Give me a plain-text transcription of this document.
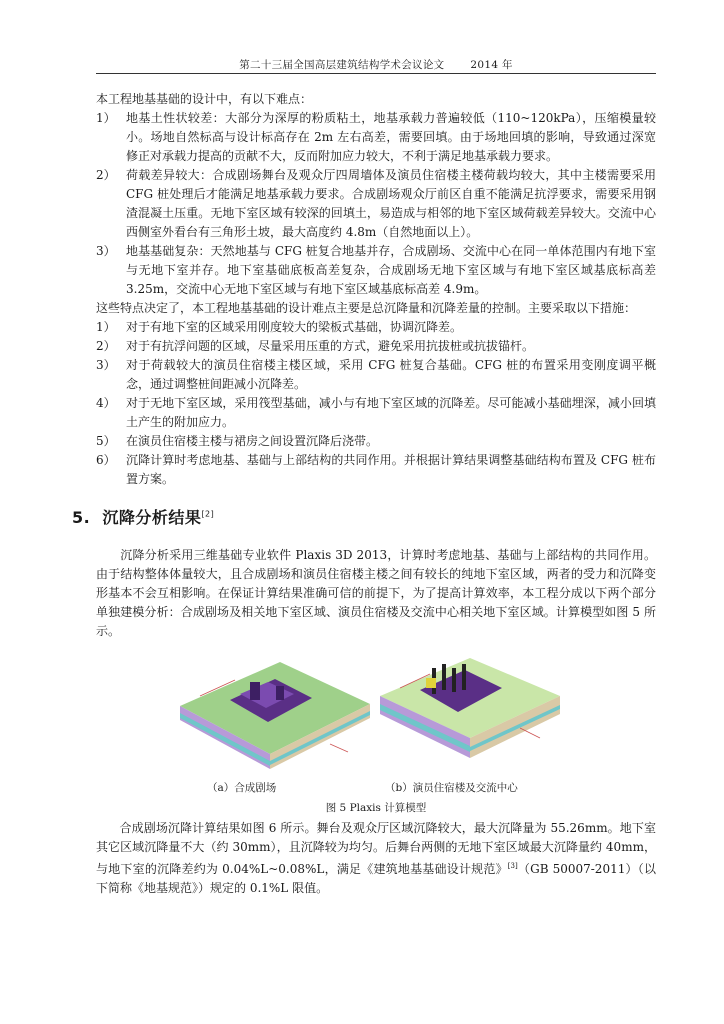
第二十三届全国高层建筑结构学术会议论文 2014 年

本工程地基基础的设计中，有以下难点：

1） 地基土性状较差：大部分为深厚的粉质粘土，地基承载力普遍较低（110~120kPa），压缩模量较小。场地自然标高与设计标高存在 2m 左右高差，需要回填。由于场地回填的影响，导致通过深宽修正对承载力提高的贡献不大，反而附加应力较大，不利于满足地基承载力要求。

2） 荷载差异较大：合成剧场舞台及观众厅四周墙体及演员住宿楼主楼荷载均较大，其中主楼需要采用 CFG 桩处理后才能满足地基承载力要求。合成剧场观众厅前区自重不能满足抗浮要求，需要采用钢渣混凝土压重。无地下室区域有较深的回填土，易造成与相邻的地下室区域荷载差异较大。交流中心西侧室外看台有三角形土坡，最大高度约 4.8m（自然地面以上）。

3） 地基基础复杂：天然地基与 CFG 桩复合地基并存，合成剧场、交流中心在同一单体范围内有地下室与无地下室并存。地下室基础底板高差复杂，合成剧场无地下室区域与有地下室区域基底标高差 3.25m，交流中心无地下室区域与有地下室区域基底标高差 4.9m。

这些特点决定了，本工程地基基础的设计难点主要是总沉降量和沉降差量的控制。主要采取以下措施：

1） 对于有地下室的区域采用刚度较大的梁板式基础，协调沉降差。

2） 对于有抗浮问题的区域，尽量采用压重的方式，避免采用抗拔桩或抗拔锚杆。

3） 对于荷载较大的演员住宿楼主楼区域，采用 CFG 桩复合基础。CFG 桩的布置采用变刚度调平概念，通过调整桩间距减小沉降差。

4） 对于无地下室区域，采用筏型基础，减小与有地下室区域的沉降差。尽可能减小基础埋深，减小回填土产生的附加应力。

5） 在演员住宿楼主楼与裙房之间设置沉降后浇带。

6） 沉降计算时考虑地基、基础与上部结构的共同作用。并根据计算结果调整基础结构布置及 CFG 桩布置方案。

5. 沉降分析结果[2]

沉降分析采用三维基础专业软件 Plaxis 3D 2013，计算时考虑地基、基础与上部结构的共同作用。由于结构整体体量较大，且合成剧场和演员住宿楼主楼之间有较长的纯地下室区域，两者的受力和沉降变形基本不会互相影响。在保证计算结果准确可信的前提下，为了提高计算效率，本工程分成以下两个部分单独建模分析：合成剧场及相关地下室区域、演员住宿楼及交流中心相关地下室区域。计算模型如图 5 所示。

（a）合成剧场	（b）演员住宿楼及交流中心
图 5 Plaxis 计算模型

合成剧场沉降计算结果如图 6 所示。舞台及观众厅区域沉降较大，最大沉降量为 55.26mm。地下室其它区域沉降量不大（约 30mm），且沉降较为均匀。后舞台两侧的无地下室区域最大沉降量约 40mm，与地下室的沉降差约为 0.04%L~0.08%L，满足《建筑地基基础设计规范》[3]（GB 50007-2011）（以下简称《地基规范》）规定的 0.1%L 限值。
